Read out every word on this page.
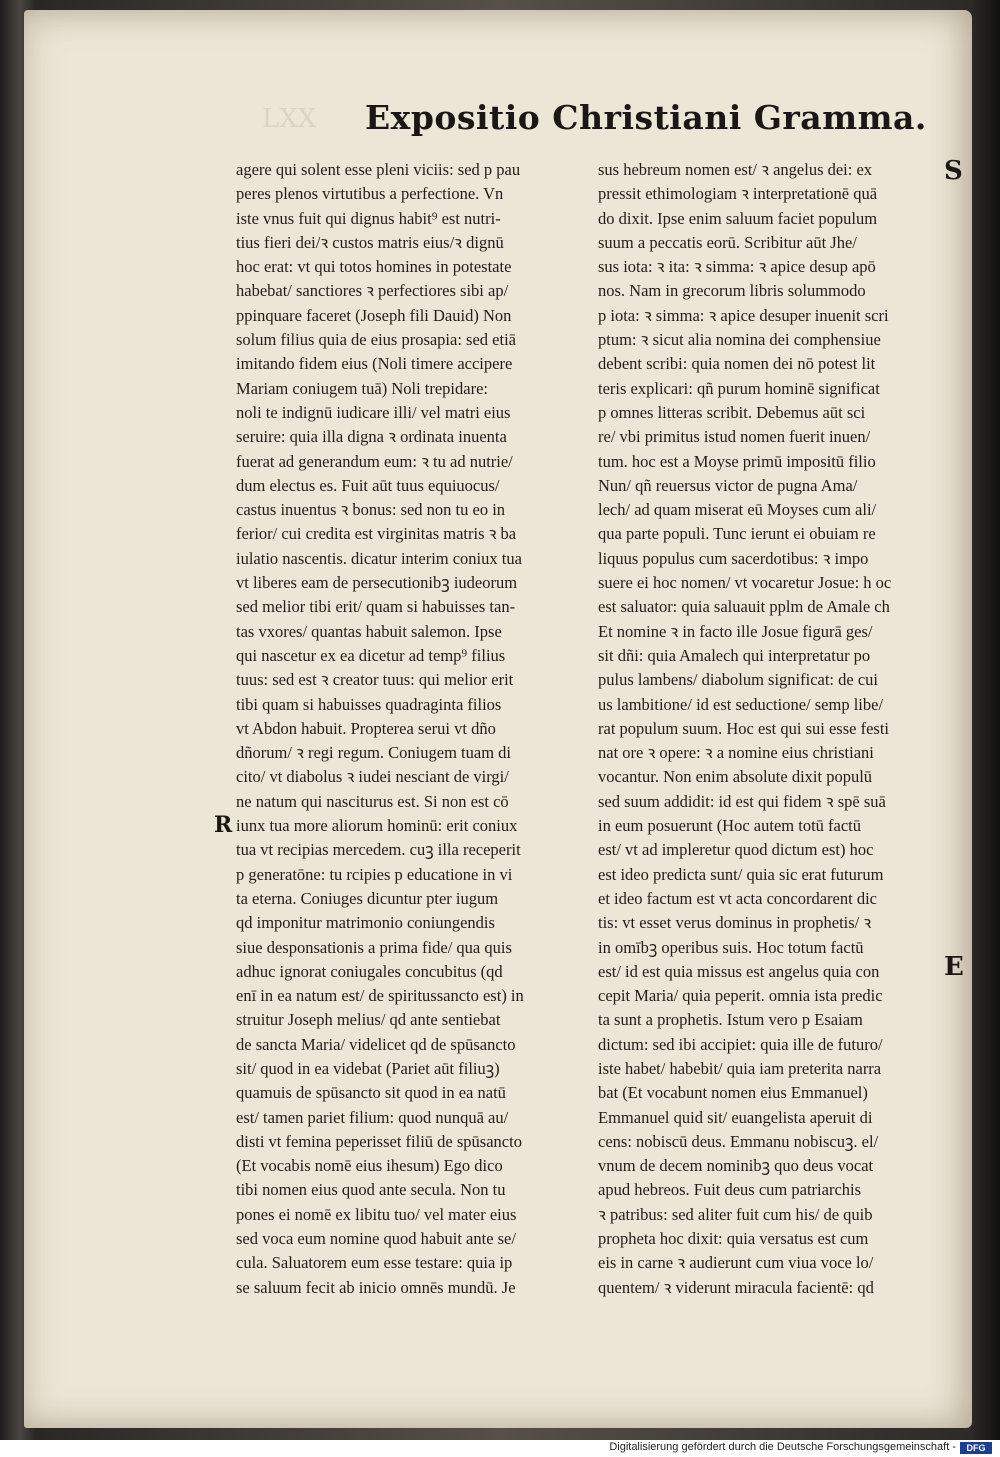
LXX Expositio Christiani Gramma.
agere qui solent esse pleni viciis: sed p pau
peres plenos virtutibus a perfectione. Vn
iste vnus fuit qui dignus habit⁹ est nutri-
tius fieri dei/ꝛ custos matris eius/ꝛ dignū
hoc erat: vt qui totos homines in potestate
habebat/ sanctiores ꝛ perfectiores sibi ap/
ppinquare faceret (Joseph fili Dauid) Non
solum filius quia de eius prosapia: sed etiā
imitando fidem eius (Noli timere accipere
Mariam coniugem tuā) Noli trepidare:
noli te indignū iudicare illi/ vel matri eius
seruire: quia illa digna ꝛ ordinata inuenta
fuerat ad generandum eum: ꝛ tu ad nutrie/
dum electus es. Fuit aūt tuus equiuocus/
castus inuentus ꝛ bonus: sed non tu eo in
ferior/ cui credita est virginitas matris ꝛ ba
iulatio nascentis. dicatur interim coniux tua
vt liberes eam de persecutionibꝫ iudeorum
sed melior tibi erit/ quam si habuisses tan-
tas vxores/ quantas habuit salemon. Ipse
qui nascetur ex ea dicetur ad temp⁹ filius
tuus: sed est ꝛ creator tuus: qui melior erit
tibi quam si habuisses quadraginta filios
vt Abdon habuit. Propterea serui vt dño
dñorum/ ꝛ regi regum. Coniugem tuam di
cito/ vt diabolus ꝛ iudei nesciant de virgi/
ne natum qui nasciturus est. Si non est cō
iunx tua more aliorum hominū: erit coniux
tua vt recipias mercedem. cuꝫ illa receperit
p generatōne: tu rcipies p educatione in vi
ta eterna. Coniuges dicuntur pter iugum
qd imponitur matrimonio coniungendis
siue desponsationis a prima fide/ qua quis
adhuc ignorat coniugales concubitus (qd
enī in ea natum est/ de spiritussancto est) in
struitur Joseph melius/ qd ante sentiebat
de sancta Maria/ videlicet qd de spūsancto
sit/ quod in ea videbat (Pariet aūt filiuꝫ)
quamuis de spūsancto sit quod in ea natū
est/ tamen pariet filium: quod nunquā au/
disti vt femina peperisset filiū de spūsancto
(Et vocabis nomē eius ihesum) Ego dico
tibi nomen eius quod ante secula. Non tu
pones ei nomē ex libitu tuo/ vel mater eius
sed voca eum nomine quod habuit ante se/
cula. Saluatorem eum esse testare: quia ip
se saluum fecit ab inicio omnēs mundū. Je
sus hebreum nomen est/ ꝛ angelus dei: ex
pressit ethimologiam ꝛ interpretationē quā
do dixit. Ipse enim saluum faciet populum
suum a peccatis eorū. Scribitur aūt Jhe/
sus iota: ꝛ ita: ꝛ simma: ꝛ apice desup apō
nos. Nam in grecorum libris solummodo
p iota: ꝛ simma: ꝛ apice desuper inuenit scri
ptum: ꝛ sicut alia nomina dei comphensiue
debent scribi: quia nomen dei nō potest lit
teris explicari: qñ purum hominē significat
p omnes litteras scribit. Debemus aūt sci
re/ vbi primitus istud nomen fuerit inuen/
tum. hoc est a Moyse primū impositū filio
Nun/ qñ reuersus victor de pugna Ama/
lech/ ad quam miserat eū Moyses cum ali/
qua parte populi. Tunc ierunt ei obuiam re
liquus populus cum sacerdotibus: ꝛ impo
suere ei hoc nomen/ vt vocaretur Josue: h oc
est saluator: quia saluauit pplm de Amale ch
Et nomine ꝛ in facto ille Josue figurā ges/
sit dñi: quia Amalech qui interpretatur po
pulus lambens/ diabolum significat: de cui
us lambitione/ id est seductione/ semp libe/
rat populum suum. Hoc est qui sui esse festi
nat ore ꝛ opere: ꝛ a nomine eius christiani
vocantur. Non enim absolute dixit populū
sed suum addidit: id est qui fidem ꝛ spē suā
in eum posuerunt (Hoc autem totū factū
est/ vt ad impleretur quod dictum est) hoc
est ideo predicta sunt/ quia sic erat futurum
et ideo factum est vt acta concordarent dic
tis: vt esset verus dominus in prophetis/ ꝛ
in omībꝫ operibus suis. Hoc totum factū
est/ id est quia missus est angelus quia con
cepit Maria/ quia peperit. omnia ista predic
ta sunt a prophetis. Istum vero p Esaiam
dictum: sed ibi accipiet: quia ille de futuro/
iste habet/ habebit/ quia iam preterita narra
bat (Et vocabunt nomen eius Emmanuel)
Emmanuel quid sit/ euangelista aperuit di
cens: nobiscū deus. Emmanu nobiscuꝫ. el/
vnum de decem nominibꝫ quo deus vocat
apud hebreos. Fuit deus cum patriarchis
ꝛ patribus: sed aliter fuit cum his/ de quib
propheta hoc dixit: quia versatus est cum
eis in carne ꝛ audierunt cum viua voce lo/
quentem/ ꝛ viderunt miracula facientē: qd
R
S
E
Digitalisierung gefördert durch die Deutsche Forschungsgemeinschaft -	DFG
